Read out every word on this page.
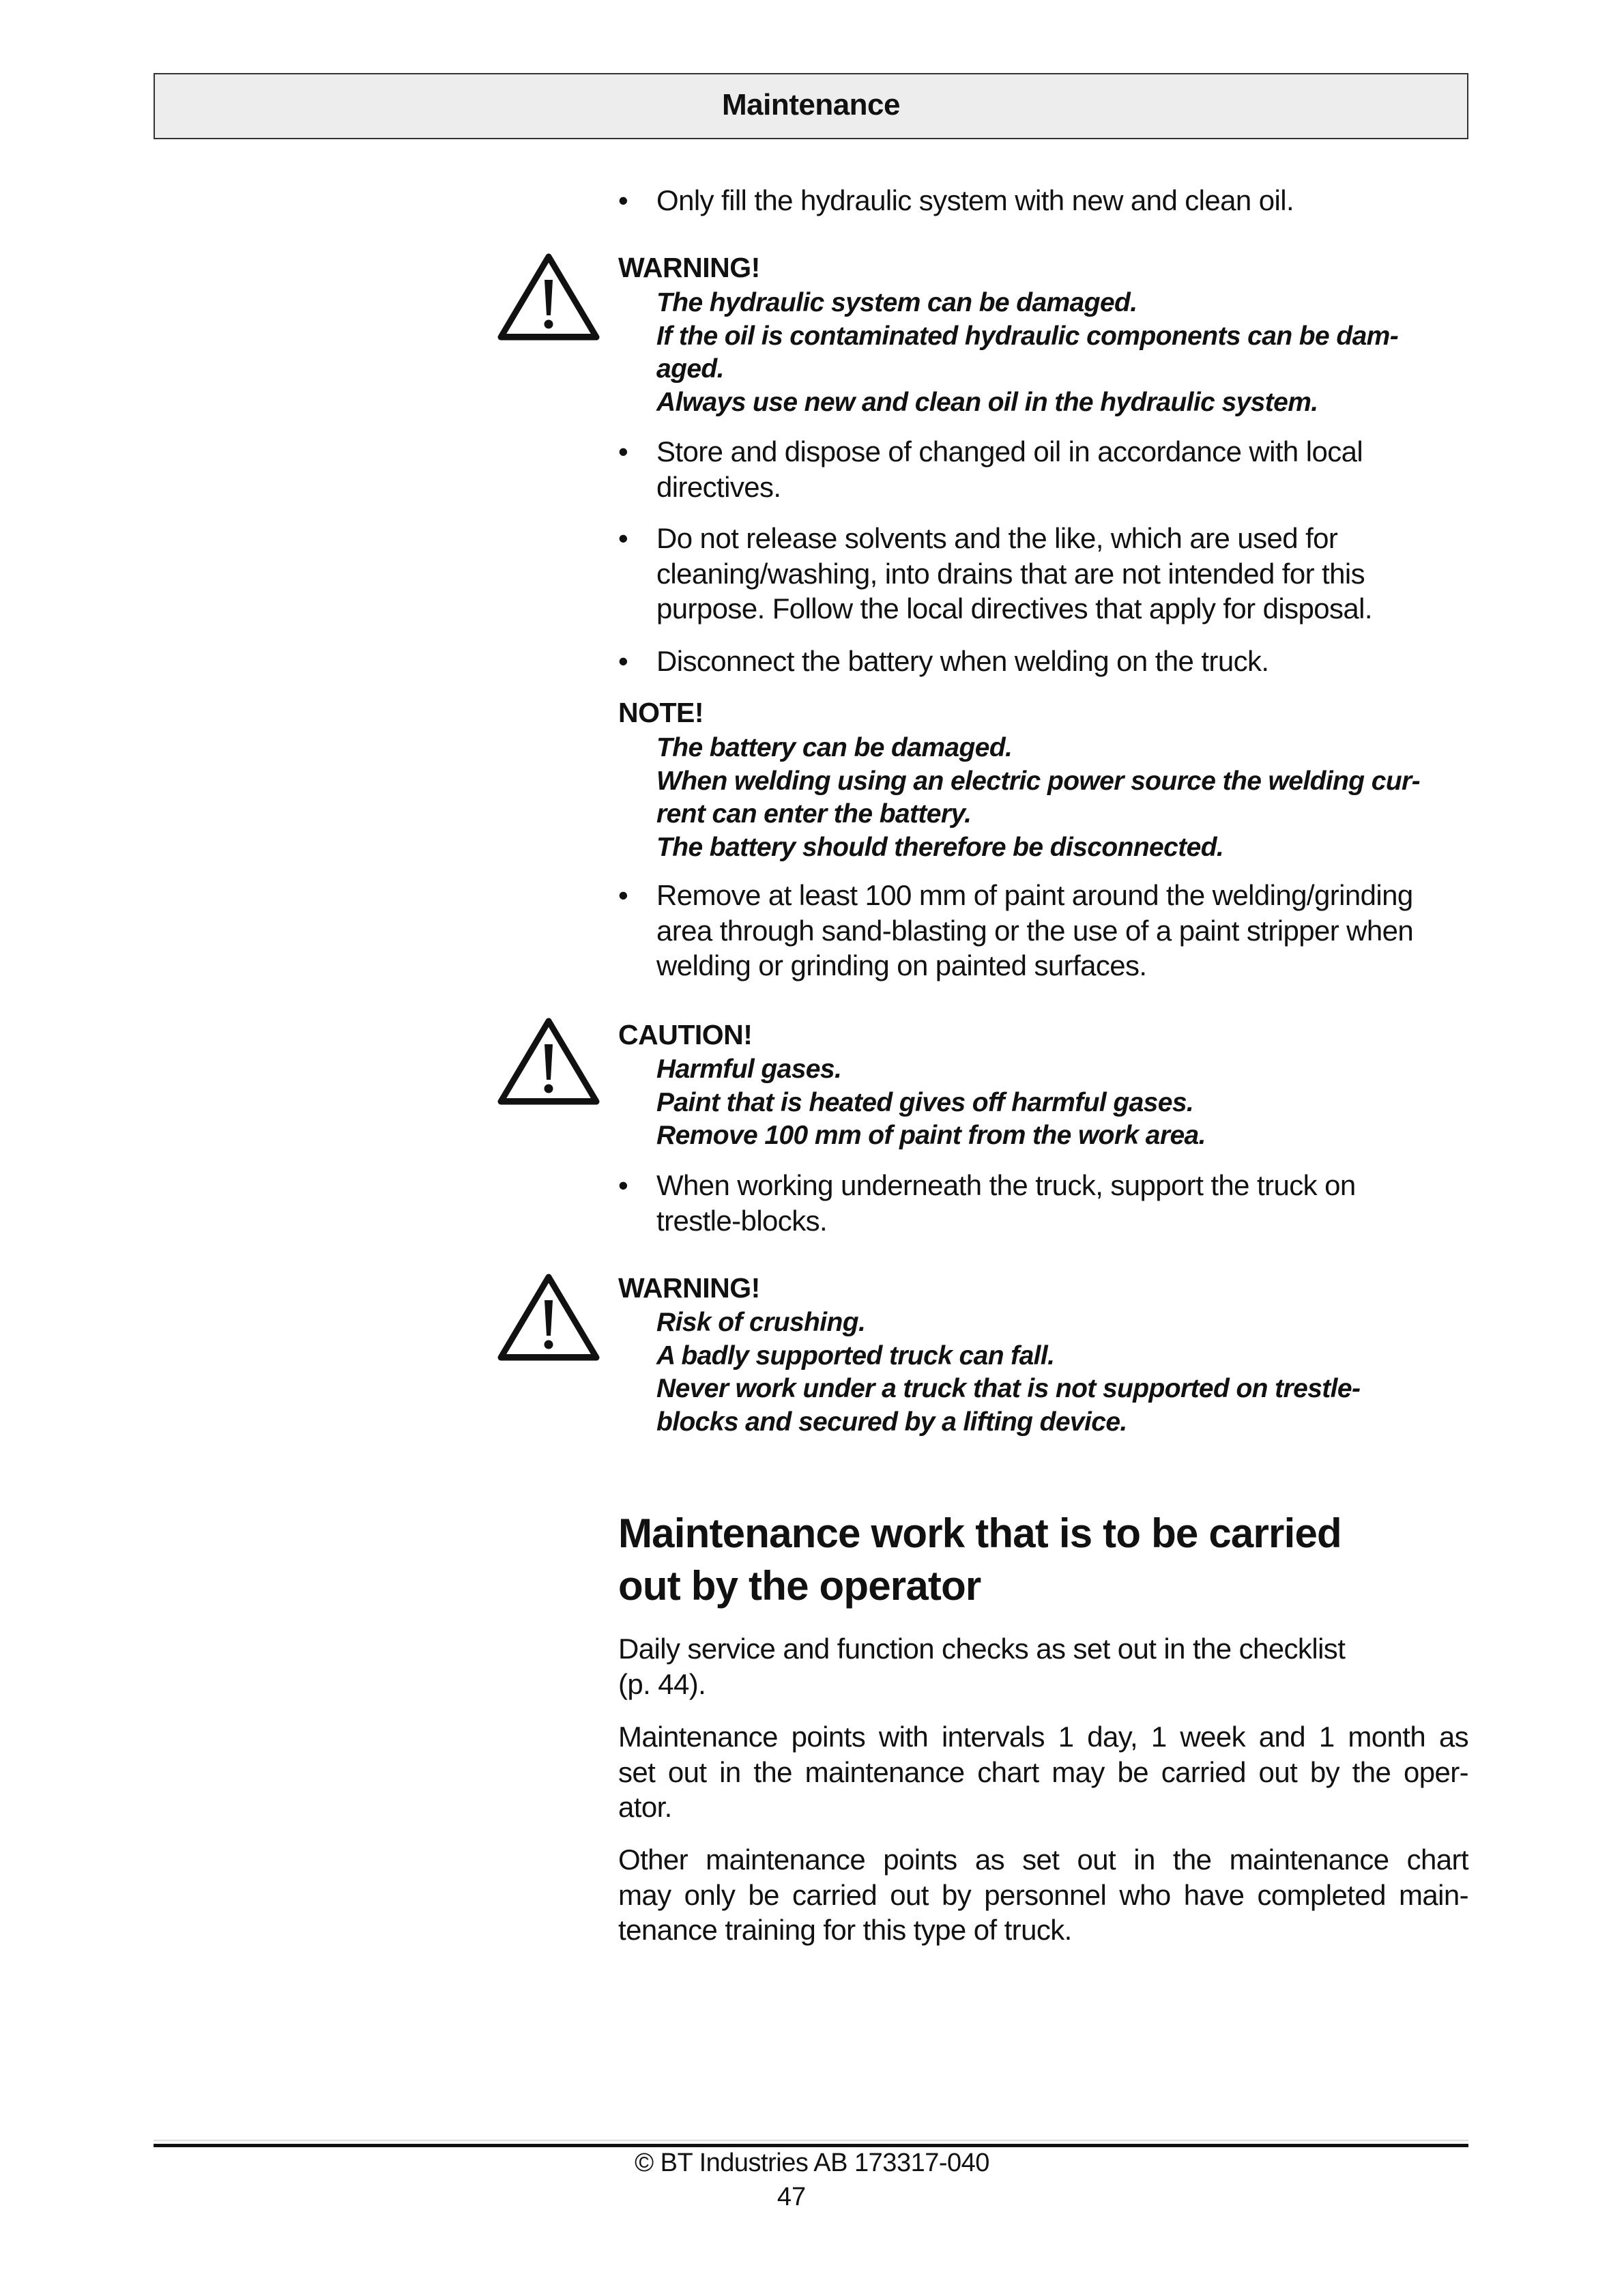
Maintenance
• Only fill the hydraulic system with new and clean oil.
WARNING!
The hydraulic system can be damaged.
If the oil is contaminated hydraulic components can be dam-
aged.
Always use new and clean oil in the hydraulic system.
• Store and dispose of changed oil in accordance with local
directives.
• Do not release solvents and the like, which are used for
cleaning/washing, into drains that are not intended for this
purpose. Follow the local directives that apply for disposal.
• Disconnect the battery when welding on the truck.
NOTE!
The battery can be damaged.
When welding using an electric power source the welding cur-
rent can enter the battery.
The battery should therefore be disconnected.
• Remove at least 100 mm of paint around the welding/grinding
area through sand-blasting or the use of a paint stripper when
welding or grinding on painted surfaces.
CAUTION!
Harmful gases.
Paint that is heated gives off harmful gases.
Remove 100 mm of paint from the work area.
• When working underneath the truck, support the truck on
trestle-blocks.
WARNING!
Risk of crushing.
A badly supported truck can fall.
Never work under a truck that is not supported on trestle-
blocks and secured by a lifting device.
Maintenance work that is to be carried
out by the operator
Daily service and function checks as set out in the checklist
(p. 44).
Maintenance points with intervals 1 day, 1 week and 1 month as
set out in the maintenance chart may be carried out by the oper-
ator.
Other maintenance points as set out in the maintenance chart
may only be carried out by personnel who have completed main-
tenance training for this type of truck.
© BT Industries AB 173317-040
47
